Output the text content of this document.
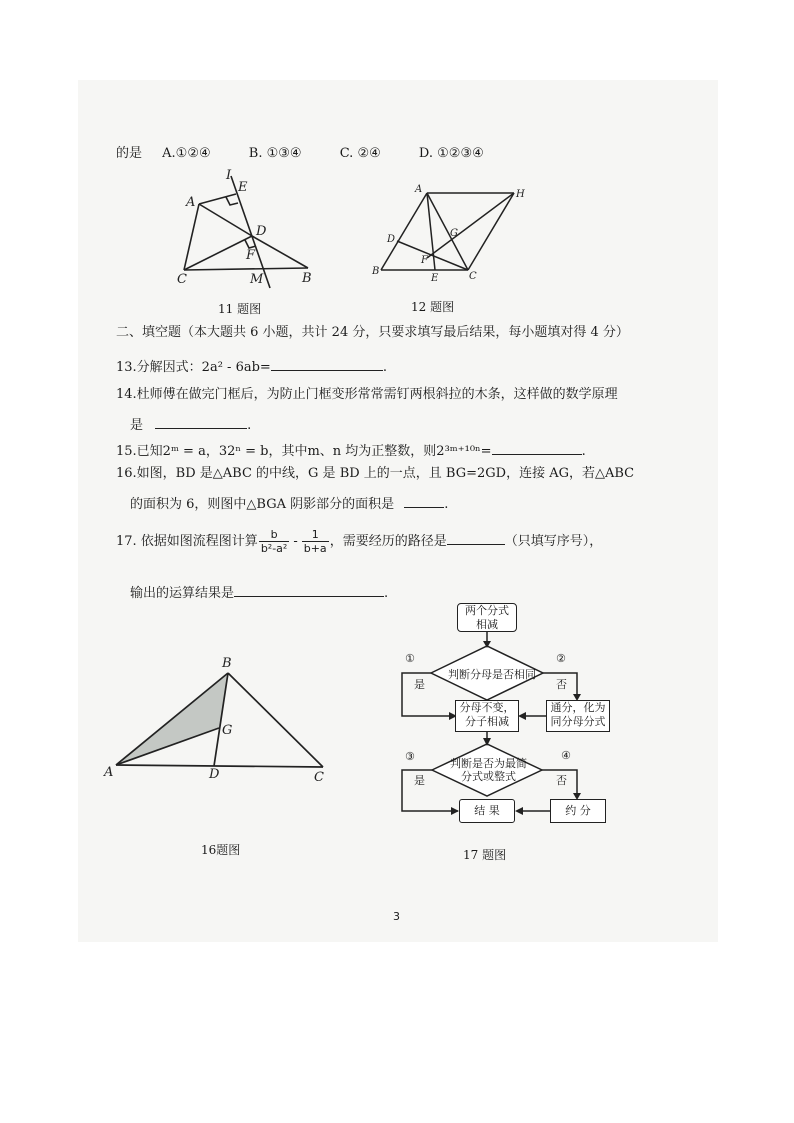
的是 A.①②④	B. ①③④	C. ②④	D. ①②③④
I
E
A
D
F
C	M	B
A	H
G
D
F
B
E	C
B
G
A	D	C
11 题图	12 题图
二、填空题（本大题共 6 小题，共计 24 分，只要求填写最后结果，每小题填对得 4 分）
13.分解因式：2a² - 6ab=	.
14.杜师傅在做完门框后，为防止门框变形常常需钉两根斜拉的木条，这样做的数学原理
是	.
15.已知2ᵐ = a，32ⁿ = b，其中m、n 均为正整数，则2³ᵐ⁺¹⁰ⁿ=	.
16.如图，BD 是△ABC 的中线，G 是 BD 上的一点，且 BG=2GD，连接 AG，若△ABC
的面积为 6，则图中△BGA 阴影部分的面积是	.
17. 依据如图流程图计算 $\frac{b}{\text{b²-a²}} - \frac{1}{b+a}$ ，需要经历的路径是	（只填写序号），
输出的运算结果是	.
两个分式
相减
判断分母是否相同
①	②
是	否
分母不变，
分子相减
通分，化为
同分母分式
判断是否为最简
分式或整式
③	④
是	否
结 果	约 分
16题图	17 题图
3
